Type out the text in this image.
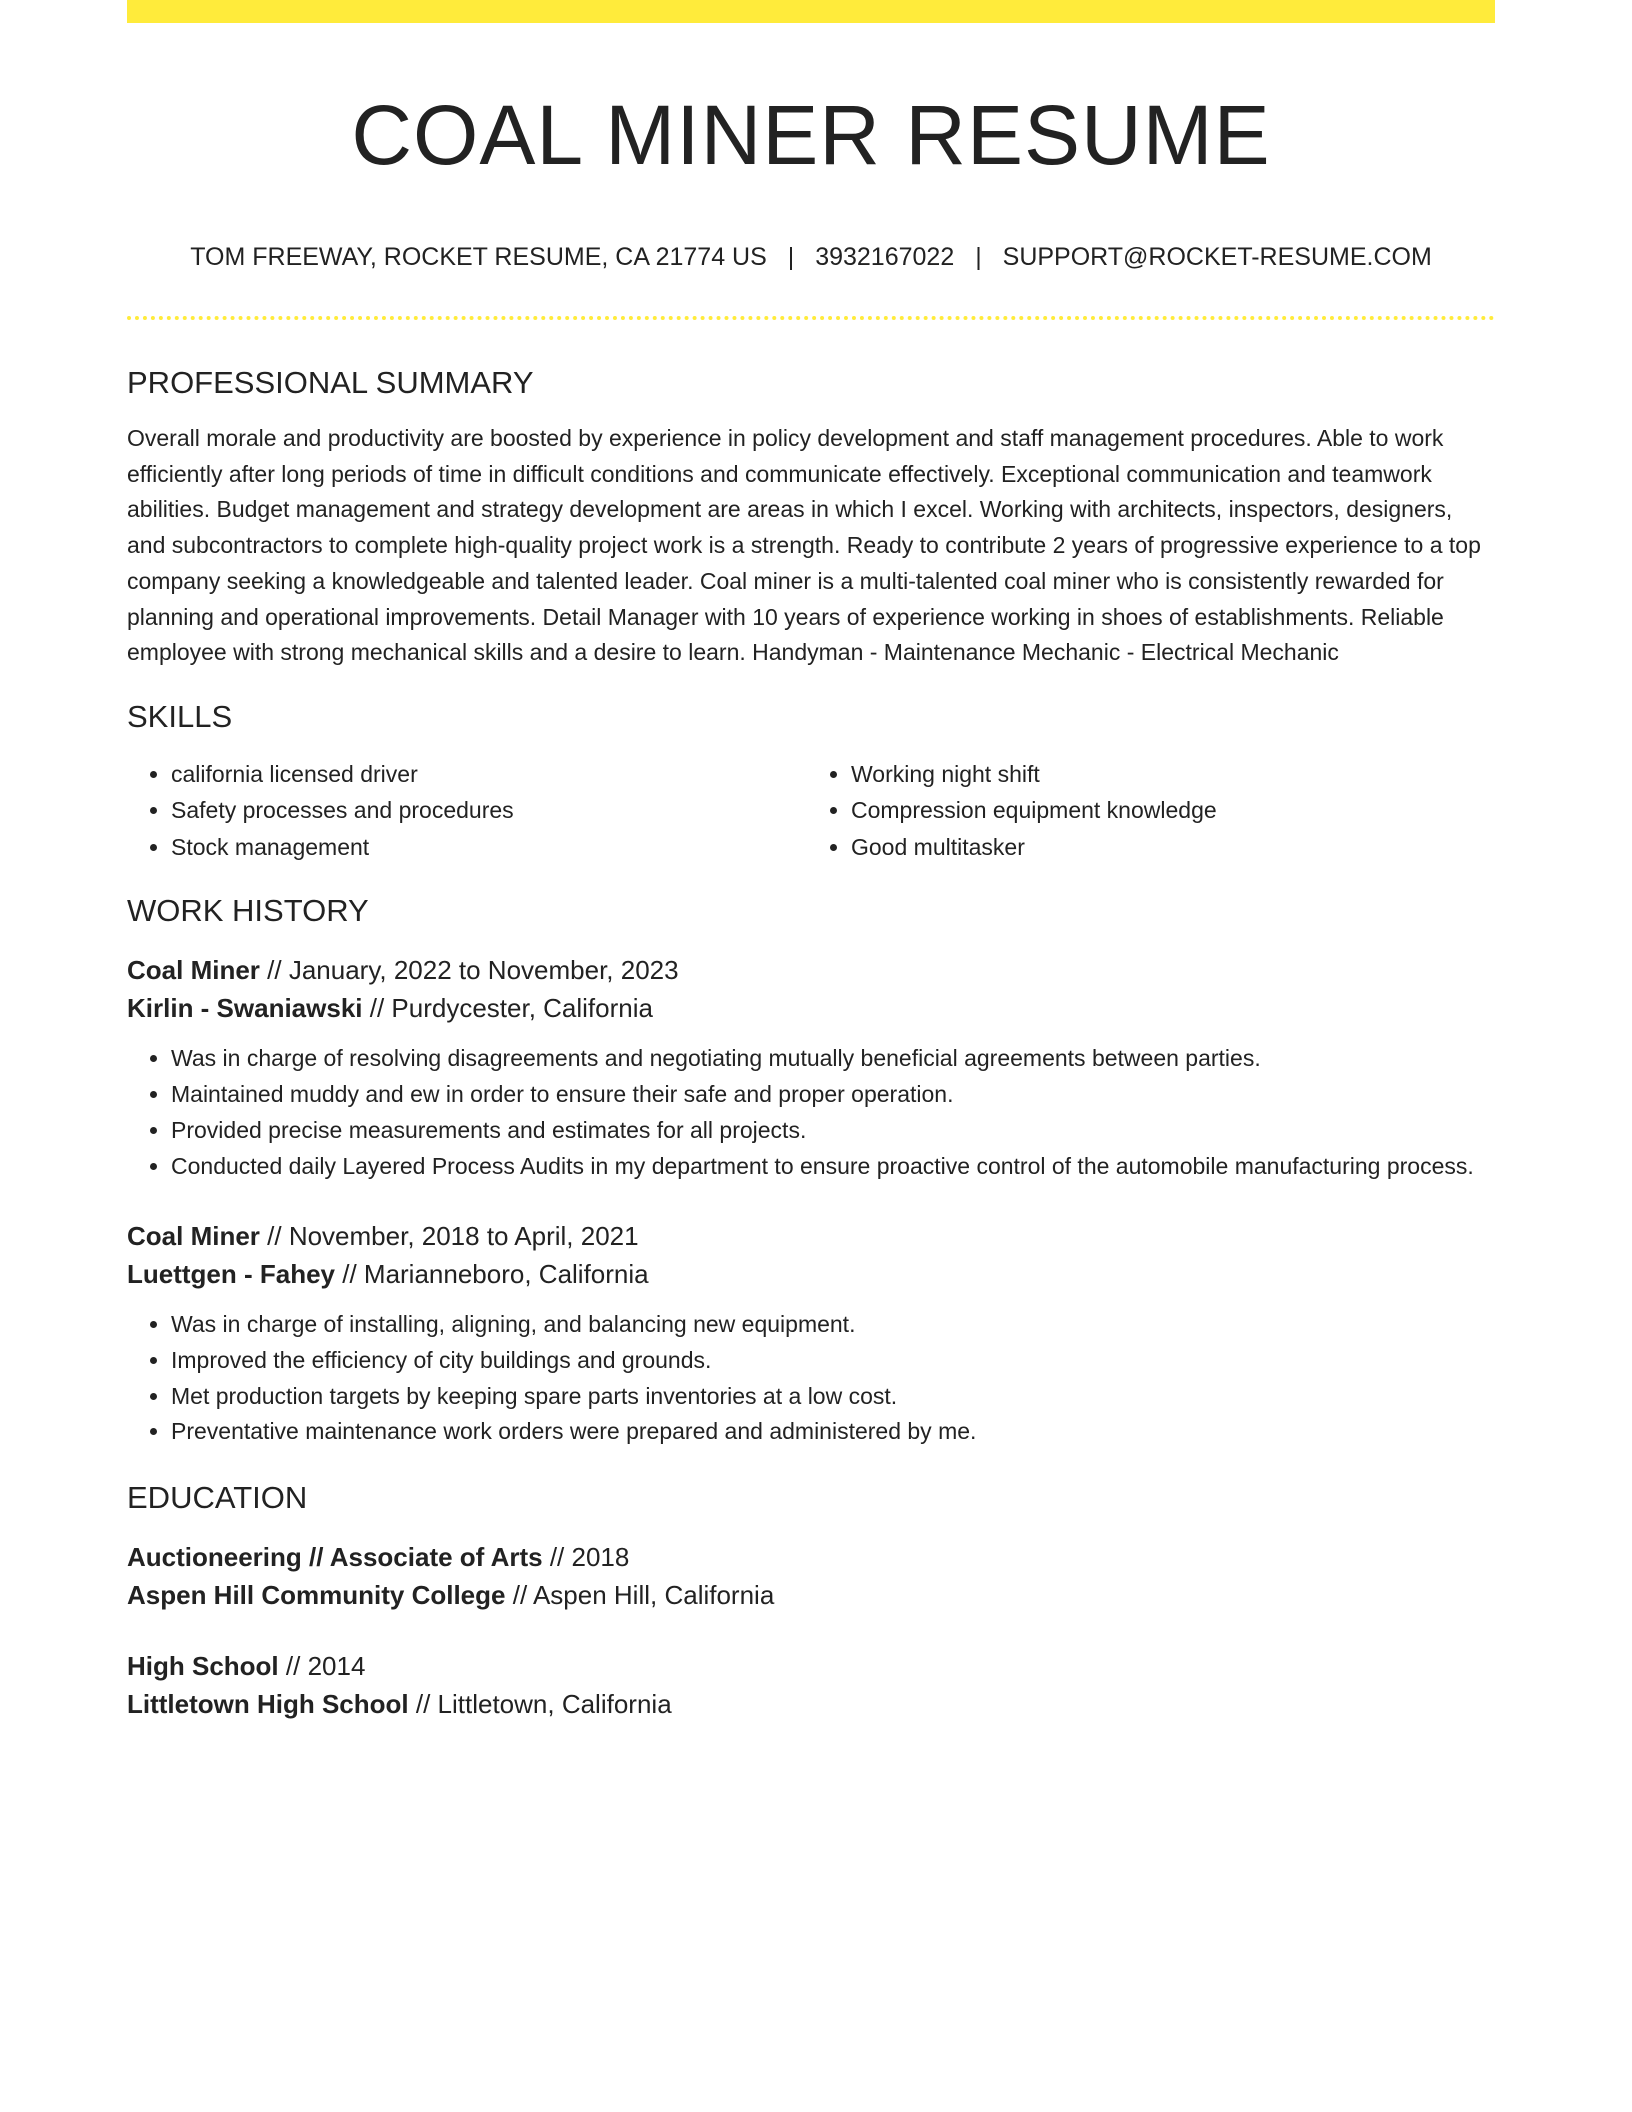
COAL MINER RESUME
TOM FREEWAY, ROCKET RESUME, CA 21774 US | 3932167022 | SUPPORT@ROCKET-RESUME.COM
PROFESSIONAL SUMMARY
Overall morale and productivity are boosted by experience in policy development and staff management procedures. Able to work efficiently after long periods of time in difficult conditions and communicate effectively. Exceptional communication and teamwork abilities. Budget management and strategy development are areas in which I excel. Working with architects, inspectors, designers, and subcontractors to complete high-quality project work is a strength. Ready to contribute 2 years of progressive experience to a top company seeking a knowledgeable and talented leader. Coal miner is a multi-talented coal miner who is consistently rewarded for planning and operational improvements. Detail Manager with 10 years of experience working in shoes of establishments. Reliable employee with strong mechanical skills and a desire to learn. Handyman - Maintenance Mechanic - Electrical Mechanic
SKILLS
• california licensed driver
• Safety processes and procedures
• Stock management
• Working night shift
• Compression equipment knowledge
• Good multitasker
WORK HISTORY
Coal Miner // January, 2022 to November, 2023
Kirlin - Swaniawski // Purdycester, California
• Was in charge of resolving disagreements and negotiating mutually beneficial agreements between parties.
• Maintained muddy and ew in order to ensure their safe and proper operation.
• Provided precise measurements and estimates for all projects.
• Conducted daily Layered Process Audits in my department to ensure proactive control of the automobile manufacturing process.
Coal Miner // November, 2018 to April, 2021
Luettgen - Fahey // Marianneboro, California
• Was in charge of installing, aligning, and balancing new equipment.
• Improved the efficiency of city buildings and grounds.
• Met production targets by keeping spare parts inventories at a low cost.
• Preventative maintenance work orders were prepared and administered by me.
EDUCATION
Auctioneering // Associate of Arts // 2018
Aspen Hill Community College // Aspen Hill, California
High School // 2014
Littletown High School // Littletown, California
